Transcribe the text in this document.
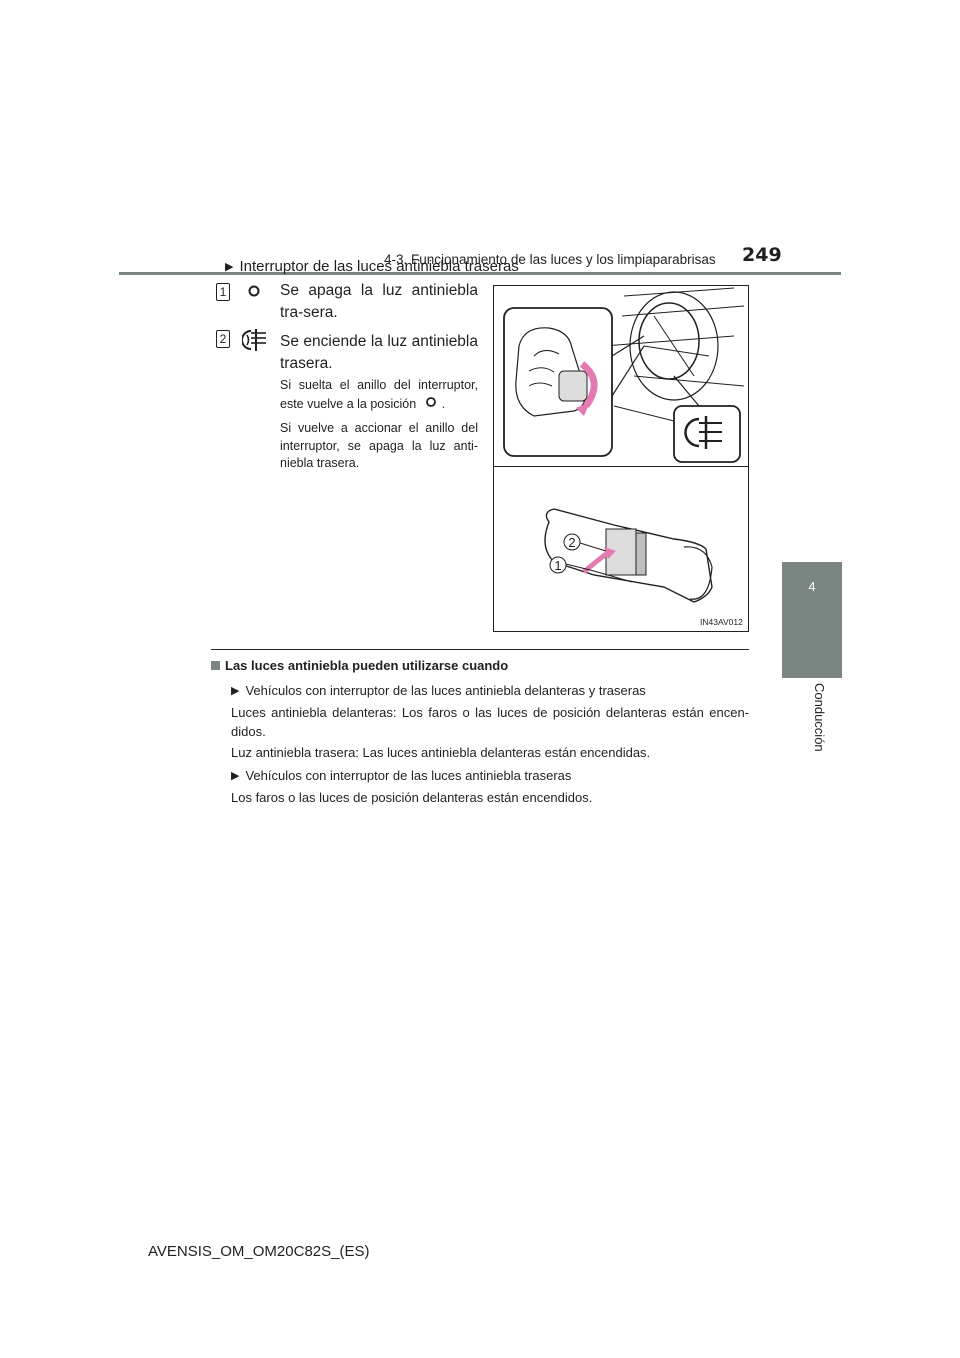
4-3. Funcionamiento de las luces y los limpiaparabrisas 249
4
Conducción
▶ Interruptor de las luces antiniebla traseras
1	Se apaga la luz antiniebla tra-sera.
2	Se enciende la luz antiniebla trasera.
Si suelta el anillo del interruptor, este vuelve a la posición .
Si vuelve a accionar el anillo del interruptor, se apaga la luz anti-niebla trasera.
2
1
IN43AV012
Las luces antiniebla pueden utilizarse cuando
▶ Vehículos con interruptor de las luces antiniebla delanteras y traseras
Luces antiniebla delanteras: Los faros o las luces de posición delanteras están encen-didos.
Luz antiniebla trasera: Las luces antiniebla delanteras están encendidas.
▶ Vehículos con interruptor de las luces antiniebla traseras
Los faros o las luces de posición delanteras están encendidos.
AVENSIS_OM_OM20C82S_(ES)
